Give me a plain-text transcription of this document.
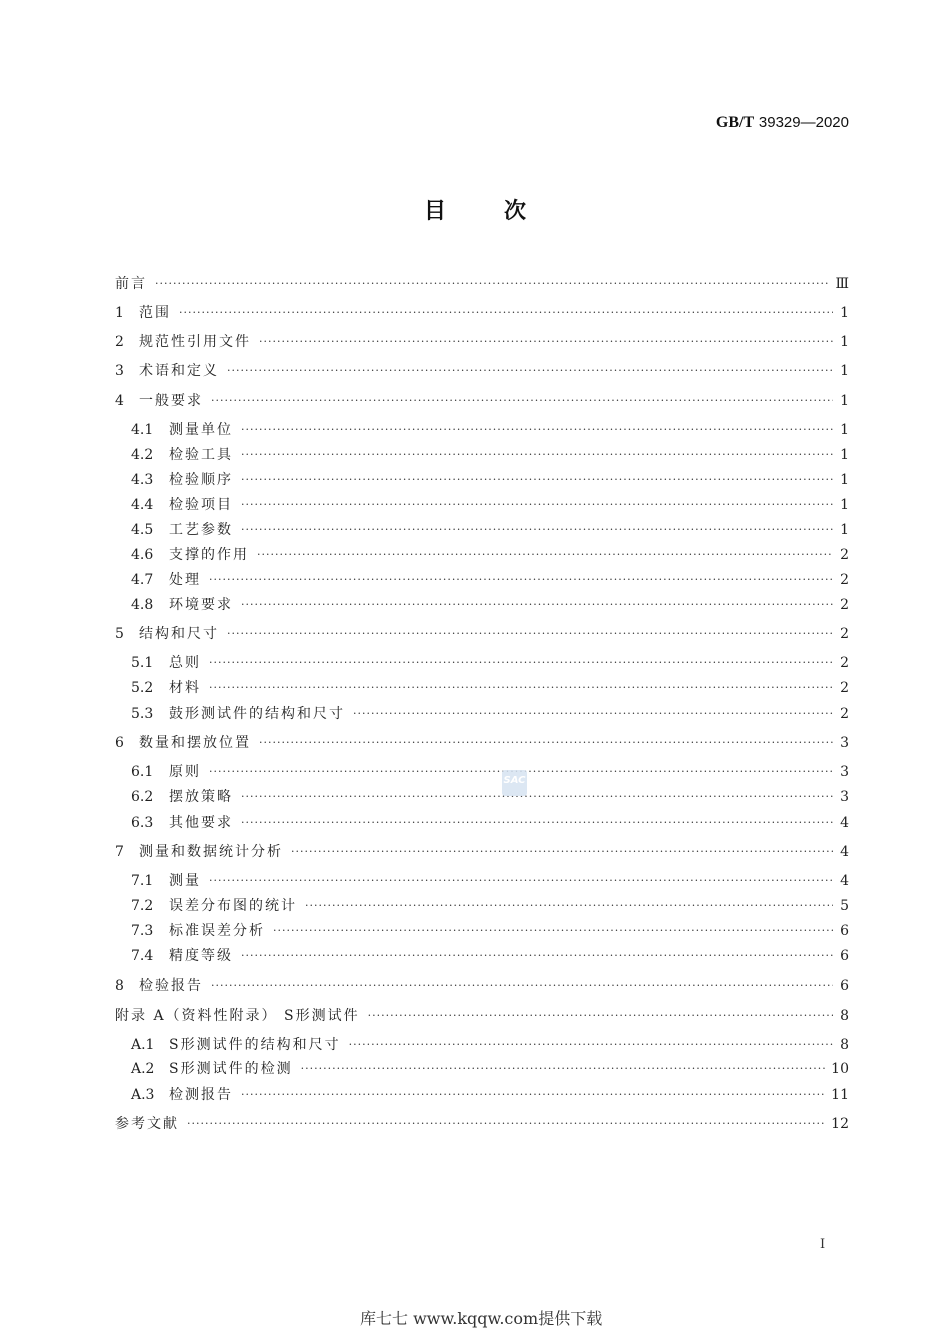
GB/T 39329—2020
目次
前言 ·····	Ⅲ
1	范围 ·····	1
2	规范性引用文件 ·····	1
3	术语和定义 ·····	1
4	一般要求 ·····	1
4.1	测量单位 ·····	1
4.2	检验工具 ·····	1
4.3	检验顺序 ·····	1
4.4	检验项目 ·····	1
4.5	工艺参数 ·····	1
4.6	支撑的作用 ·····	2
4.7	处理 ·····	2
4.8	环境要求 ·····	2
5	结构和尺寸 ·····	2
5.1	总则 ·····	2
5.2	材料 ·····	2
5.3	鼓形测试件的结构和尺寸 ·····	2
6	数量和摆放位置 ·····	3
6.1	原则 ·····	3
6.2	摆放策略 ·····	3
6.3	其他要求 ·····	4
7	测量和数据统计分析 ·····	4
7.1	测量 ·····	4
7.2	误差分布图的统计 ·····	5
7.3	标准误差分析 ·····	6
7.4	精度等级 ·····	6
8	检验报告 ·····	6
附录 A（资料性附录） S形测试件 ·····	8
A.1	S形测试件的结构和尺寸 ·····	8
A.2	S形测试件的检测 ·····	10
A.3	检测报告 ·····	11
参考文献 ·····	12
SAC
I
库七七 www.kqqw.com提供下载
